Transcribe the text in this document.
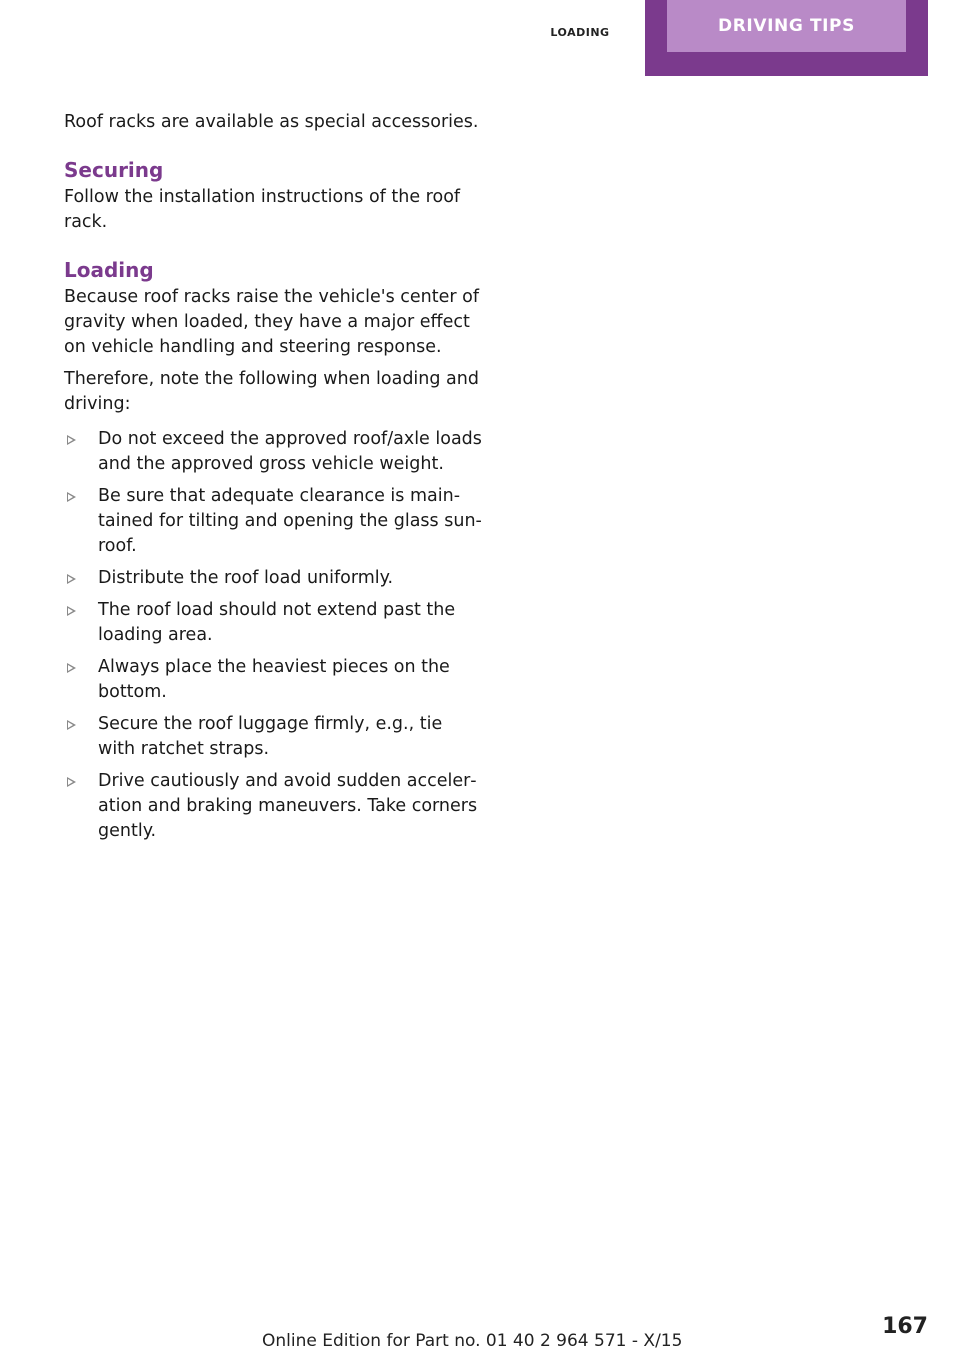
loading	DRIVING TIPS

Roof racks are available as special accessories.

Securing

Follow the installation instructions of the roof rack.

Loading

Because roof racks raise the vehicle's center of gravity when loaded, they have a major effect on vehicle handling and steering response.

Therefore, note the following when loading and driving:

Do not exceed the approved roof/axle loads and the approved gross vehicle weight.
Be sure that adequate clearance is maintained for tilting and opening the glass sunroof.
Distribute the roof load uniformly.
The roof load should not extend past the loading area.
Always place the heaviest pieces on the bottom.
Secure the roof luggage firmly, e.g., tie with ratchet straps.
Drive cautiously and avoid sudden acceleration and braking maneuvers. Take corners gently.
Online Edition for Part no. 01 40 2 964 571 - X/15
167
